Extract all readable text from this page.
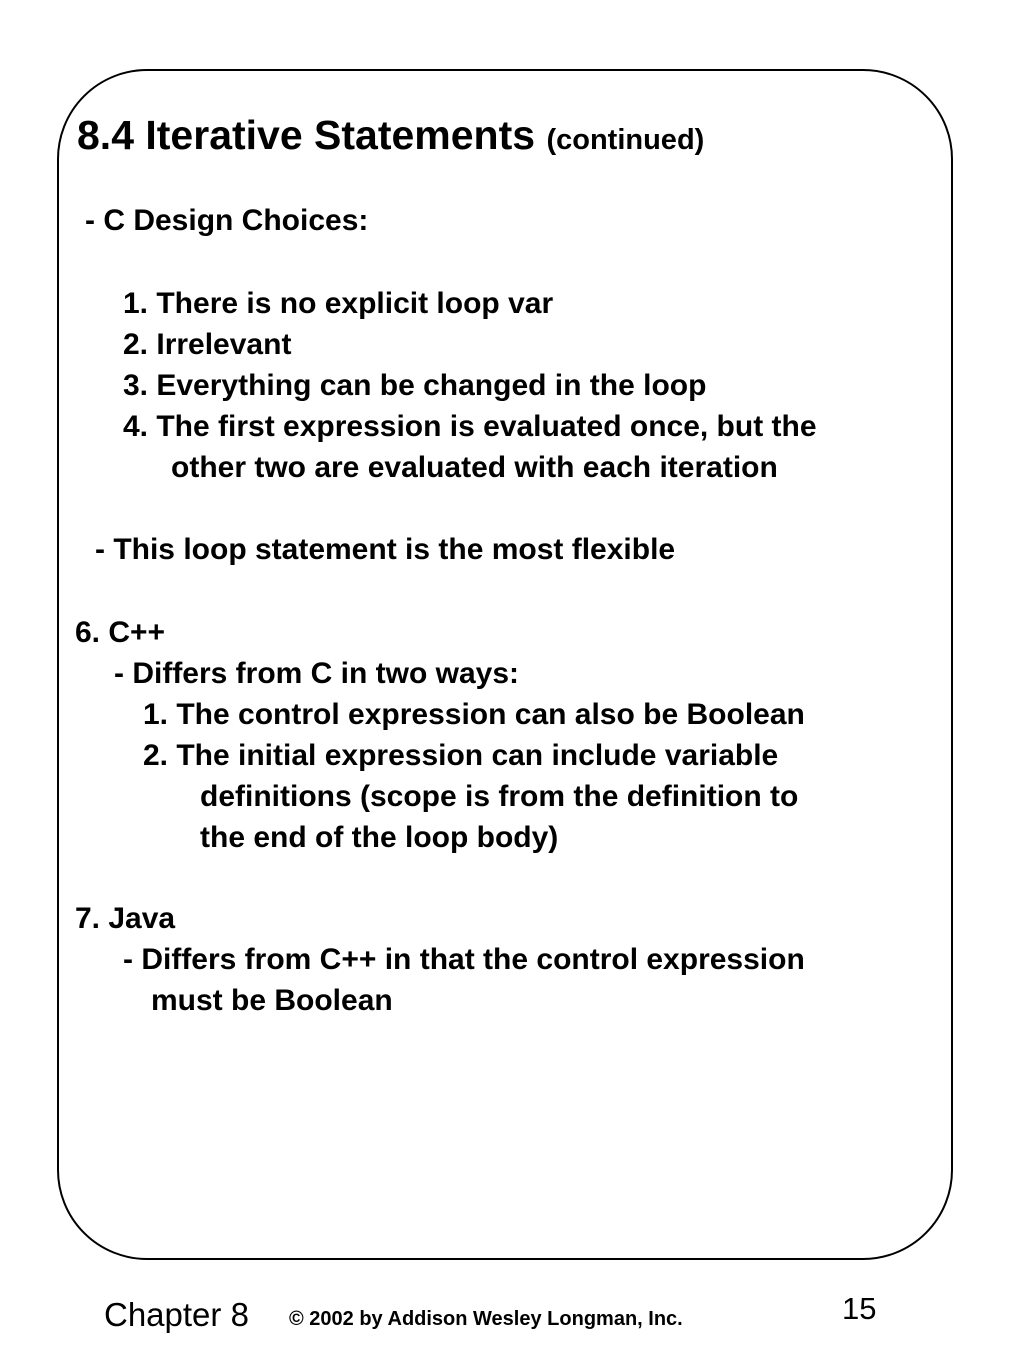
8.4 Iterative Statements (continued)

- C Design Choices:

1. There is no explicit loop var

2. Irrelevant

3. Everything can be changed in the loop

4. The first expression is evaluated once, but the

other two are evaluated with each iteration

- This loop statement is the most flexible

6. C++

- Differs from C in two ways:

1. The control expression can also be Boolean

2. The initial expression can include variable

definitions (scope is from the definition to

the end of the loop body)

7. Java

- Differs from C++ in that the control expression

must be Boolean

Chapter 8 © 2002 by Addison Wesley Longman, Inc.	15
